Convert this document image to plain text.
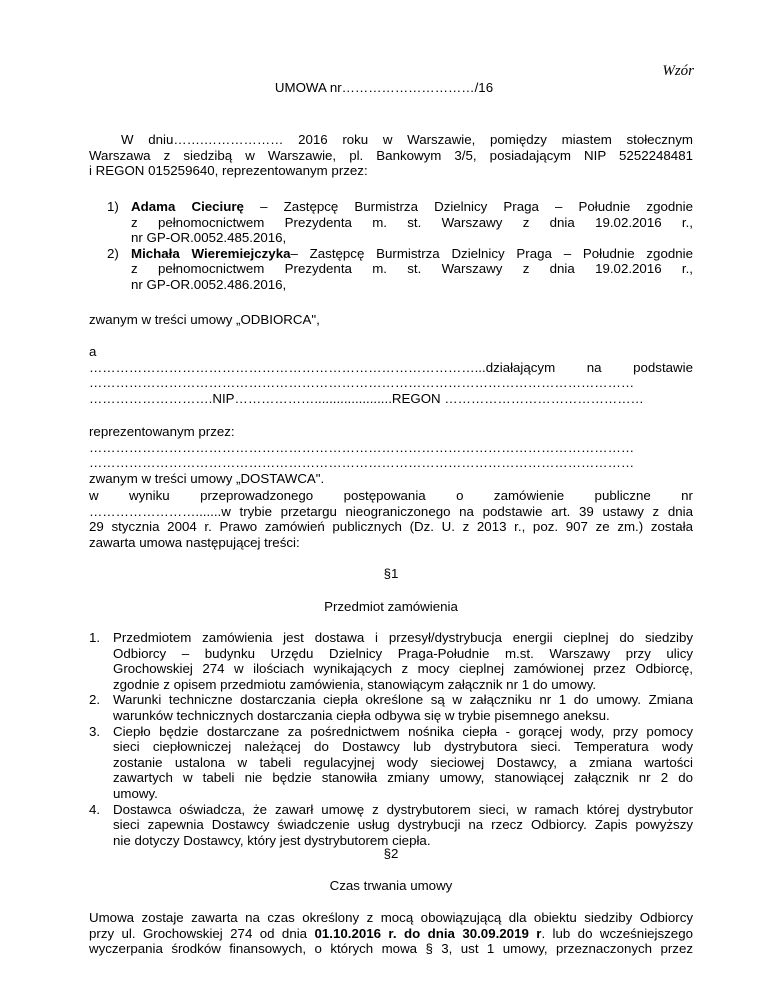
Wzór
UMOWA nr…………………………/16
W dniu…….……………… 2016 roku w Warszawie, pomiędzy miastem stołecznym
Warszawa z siedzibą w Warszawie, pl. Bankowym 3/5, posiadającym NIP 5252248481
i REGON 015259640, reprezentowanym przez:
1) Adama Cieciurę – Zastępcę Burmistrza Dzielnicy Praga – Południe zgodnie
z pełnomocnictwem Prezydenta m. st. Warszawy z dnia 19.02.2016 r.,
nr GP-OR.0052.485.2016,
2) Michała Wieremiejczyka– Zastępcę Burmistrza Dzielnicy Praga – Południe zgodnie
z pełnomocnictwem Prezydenta m. st. Warszawy z dnia 19.02.2016 r.,
nr GP-OR.0052.486.2016,
zwanym w treści umowy „ODBIORCA",
a
……………………………………………………………………………...działającym na podstawie
……………………………………………………………………………………………………………
……………………….NIP……………….....................REGON ………………………………………
reprezentowanym przez:
……………………………………………………………………………………………………………
……………………………………………………………………………………………………………
zwanym w treści umowy „DOSTAWCA".
w wyniku przeprowadzonego postępowania o zamówienie publiczne nr
…………………….......w trybie przetargu nieograniczonego na podstawie art. 39 ustawy z dnia
29 stycznia 2004 r. Prawo zamówień publicznych (Dz. U. z 2013 r., poz. 907 ze zm.) została
zawarta umowa następującej treści:
§1
Przedmiot zamówienia
1. Przedmiotem zamówienia jest dostawa i przesył/dystrybucja energii cieplnej do siedziby
Odbiorcy – budynku Urzędu Dzielnicy Praga-Południe m.st. Warszawy przy ulicy
Grochowskiej 274 w ilościach wynikających z mocy cieplnej zamówionej przez Odbiorcę,
zgodnie z opisem przedmiotu zamówienia, stanowiącym załącznik nr 1 do umowy.
2. Warunki techniczne dostarczania ciepła określone są w załączniku nr 1 do umowy. Zmiana
warunków technicznych dostarczania ciepła odbywa się w trybie pisemnego aneksu.
3. Ciepło będzie dostarczane za pośrednictwem nośnika ciepła - gorącej wody, przy pomocy
sieci ciepłowniczej należącej do Dostawcy lub dystrybutora sieci. Temperatura wody
zostanie ustalona w tabeli regulacyjnej wody sieciowej Dostawcy, a zmiana wartości
zawartych w tabeli nie będzie stanowiła zmiany umowy, stanowiącej załącznik nr 2 do
umowy.
4. Dostawca oświadcza, że zawarł umowę z dystrybutorem sieci, w ramach której dystrybutor
sieci zapewnia Dostawcy świadczenie usług dystrybucji na rzecz Odbiorcy. Zapis powyższy
nie dotyczy Dostawcy, który jest dystrybutorem ciepła.
§2
Czas trwania umowy
Umowa zostaje zawarta na czas określony z mocą obowiązującą dla obiektu siedziby Odbiorcy
przy ul. Grochowskiej 274 od dnia 01.10.2016 r. do dnia 30.09.2019 r. lub do wcześniejszego
wyczerpania środków finansowych, o których mowa § 3, ust 1 umowy, przeznaczonych przez
